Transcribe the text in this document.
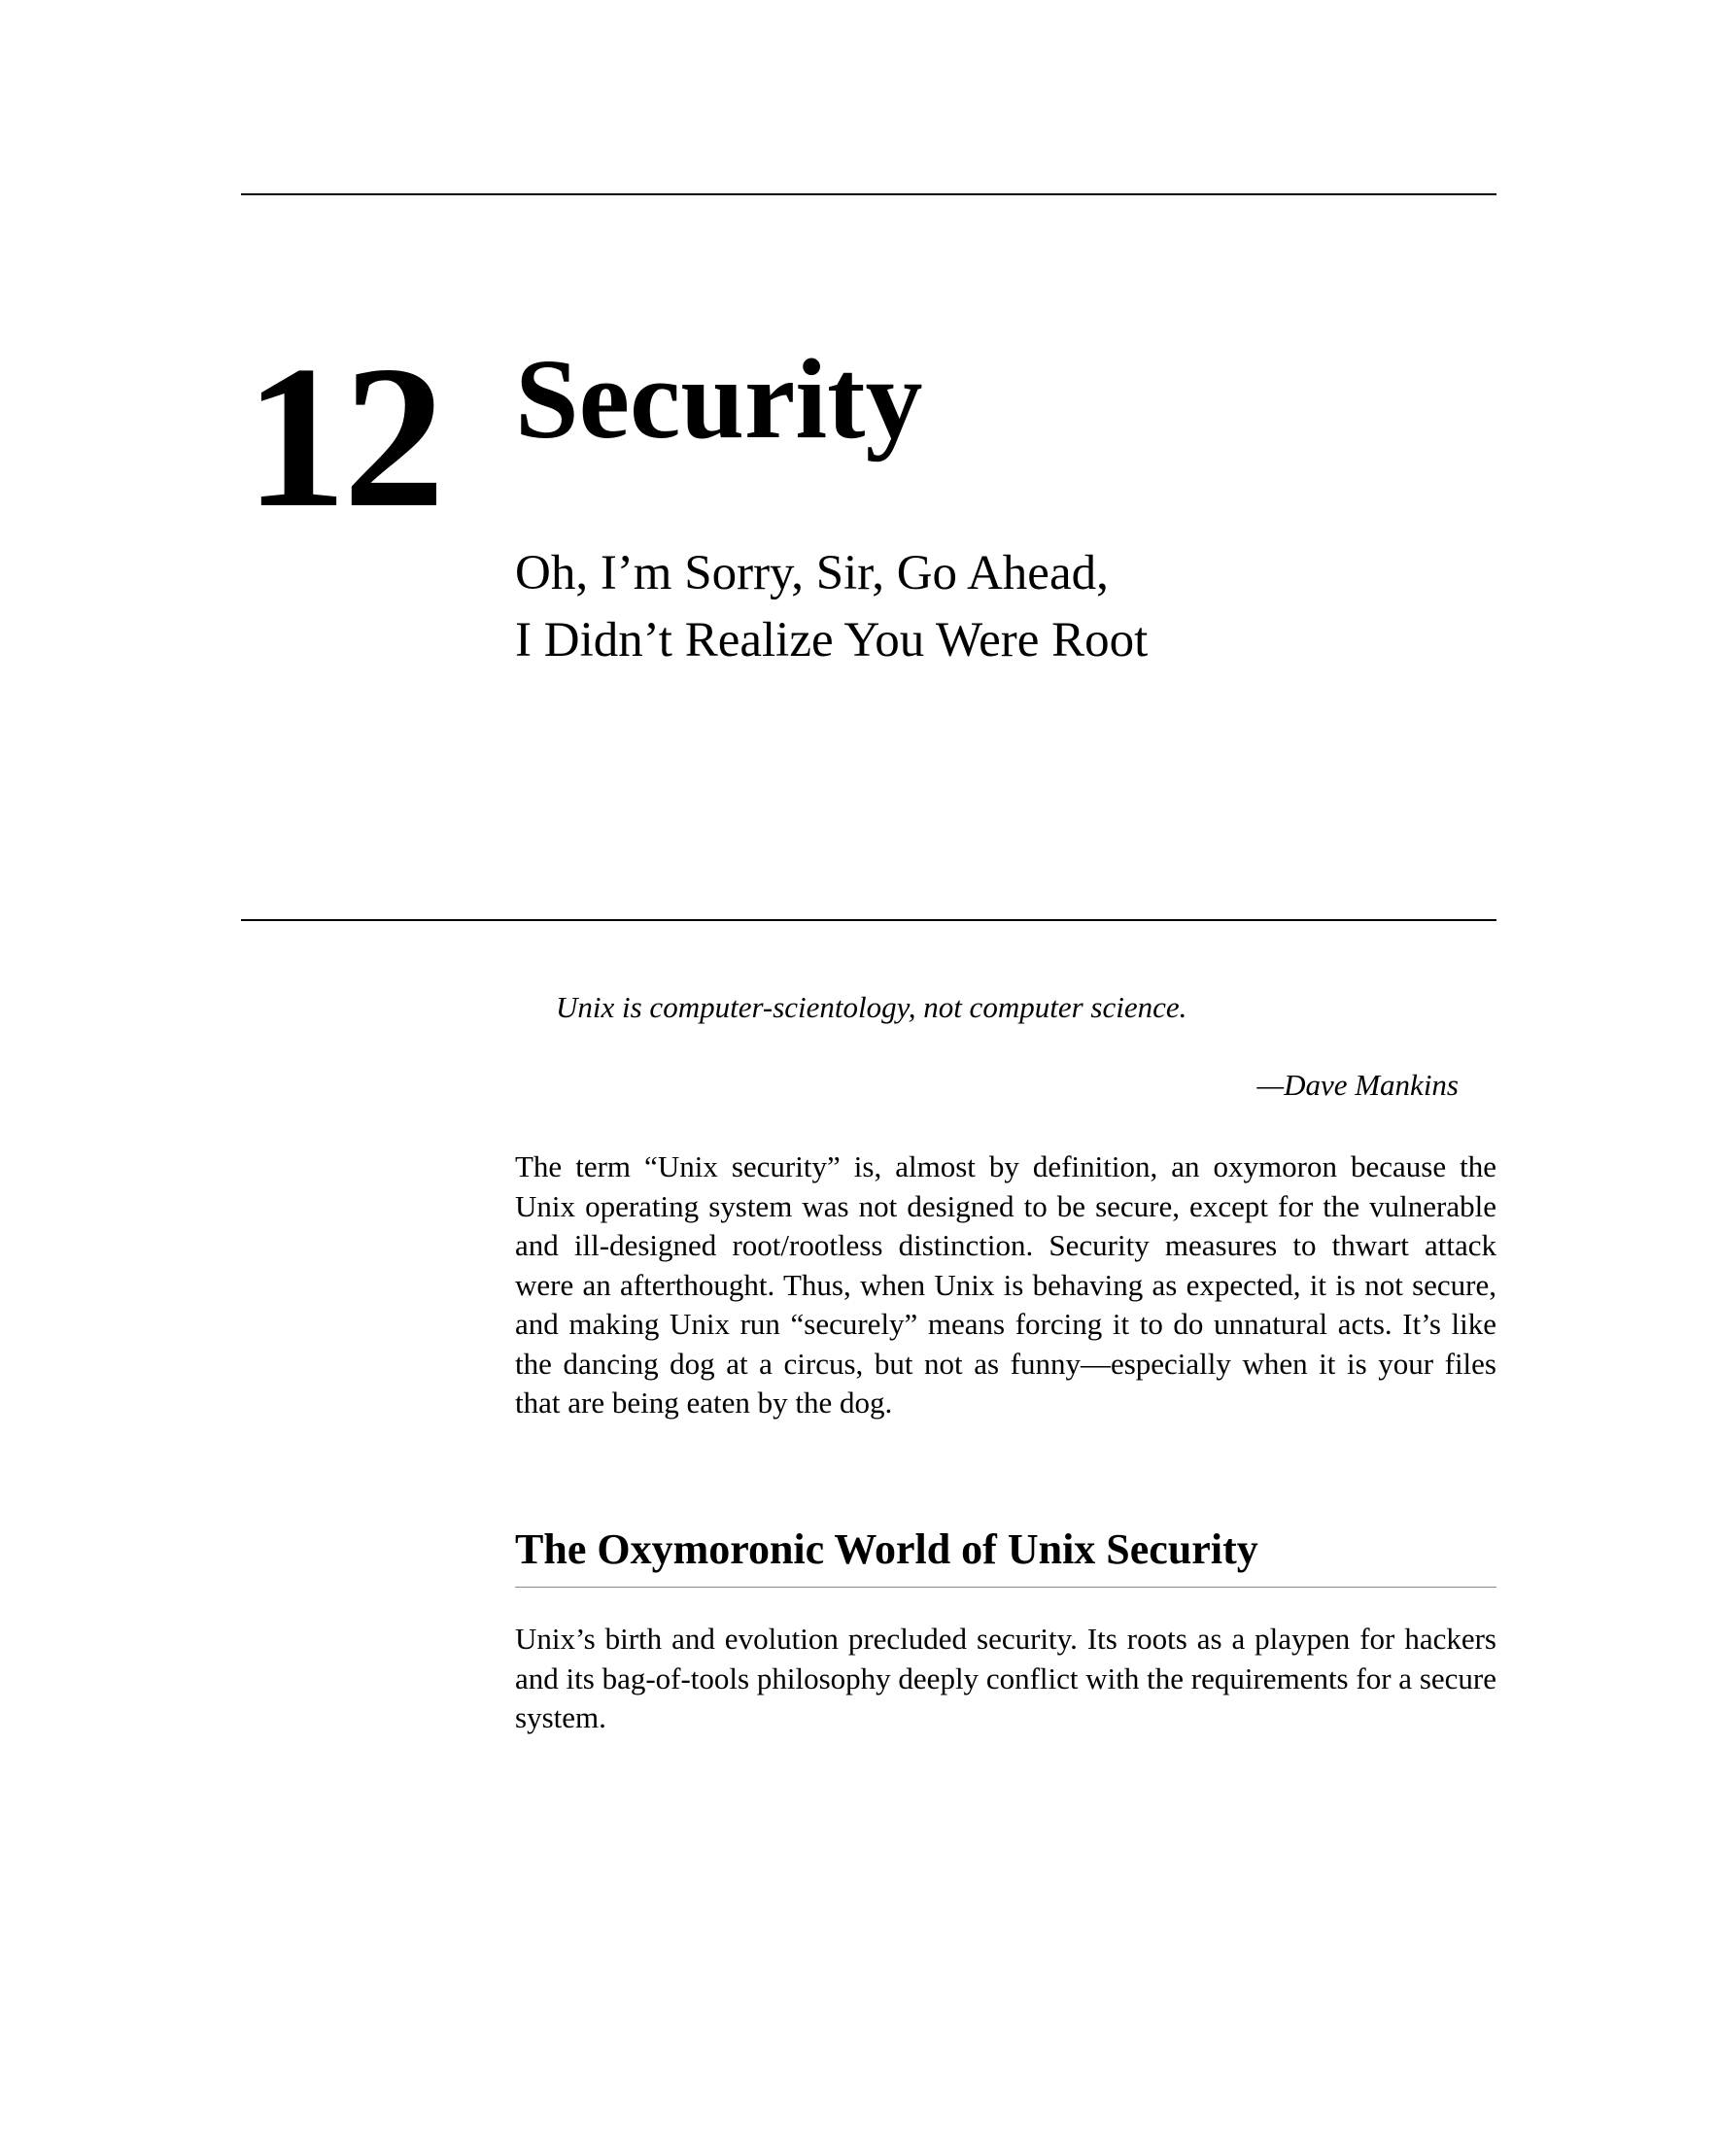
12 Security
Oh, I’m Sorry, Sir, Go Ahead,
I Didn’t Realize You Were Root
Unix is computer-scientology, not computer science.
—Dave Mankins

The term “Unix security” is, almost by definition, an oxymoron because the Unix operating system was not designed to be secure, except for the vulnerable and ill-designed root/rootless distinction. Security measures to thwart attack were an afterthought. Thus, when Unix is behaving as expected, it is not secure, and making Unix run “securely” means forcing it to do unnatural acts. It’s like the dancing dog at a circus, but not as funny—especially when it is your files that are being eaten by the dog.

The Oxymoronic World of Unix Security

Unix’s birth and evolution precluded security. Its roots as a playpen for hackers and its bag-of-tools philosophy deeply conflict with the requirements for a secure system.
